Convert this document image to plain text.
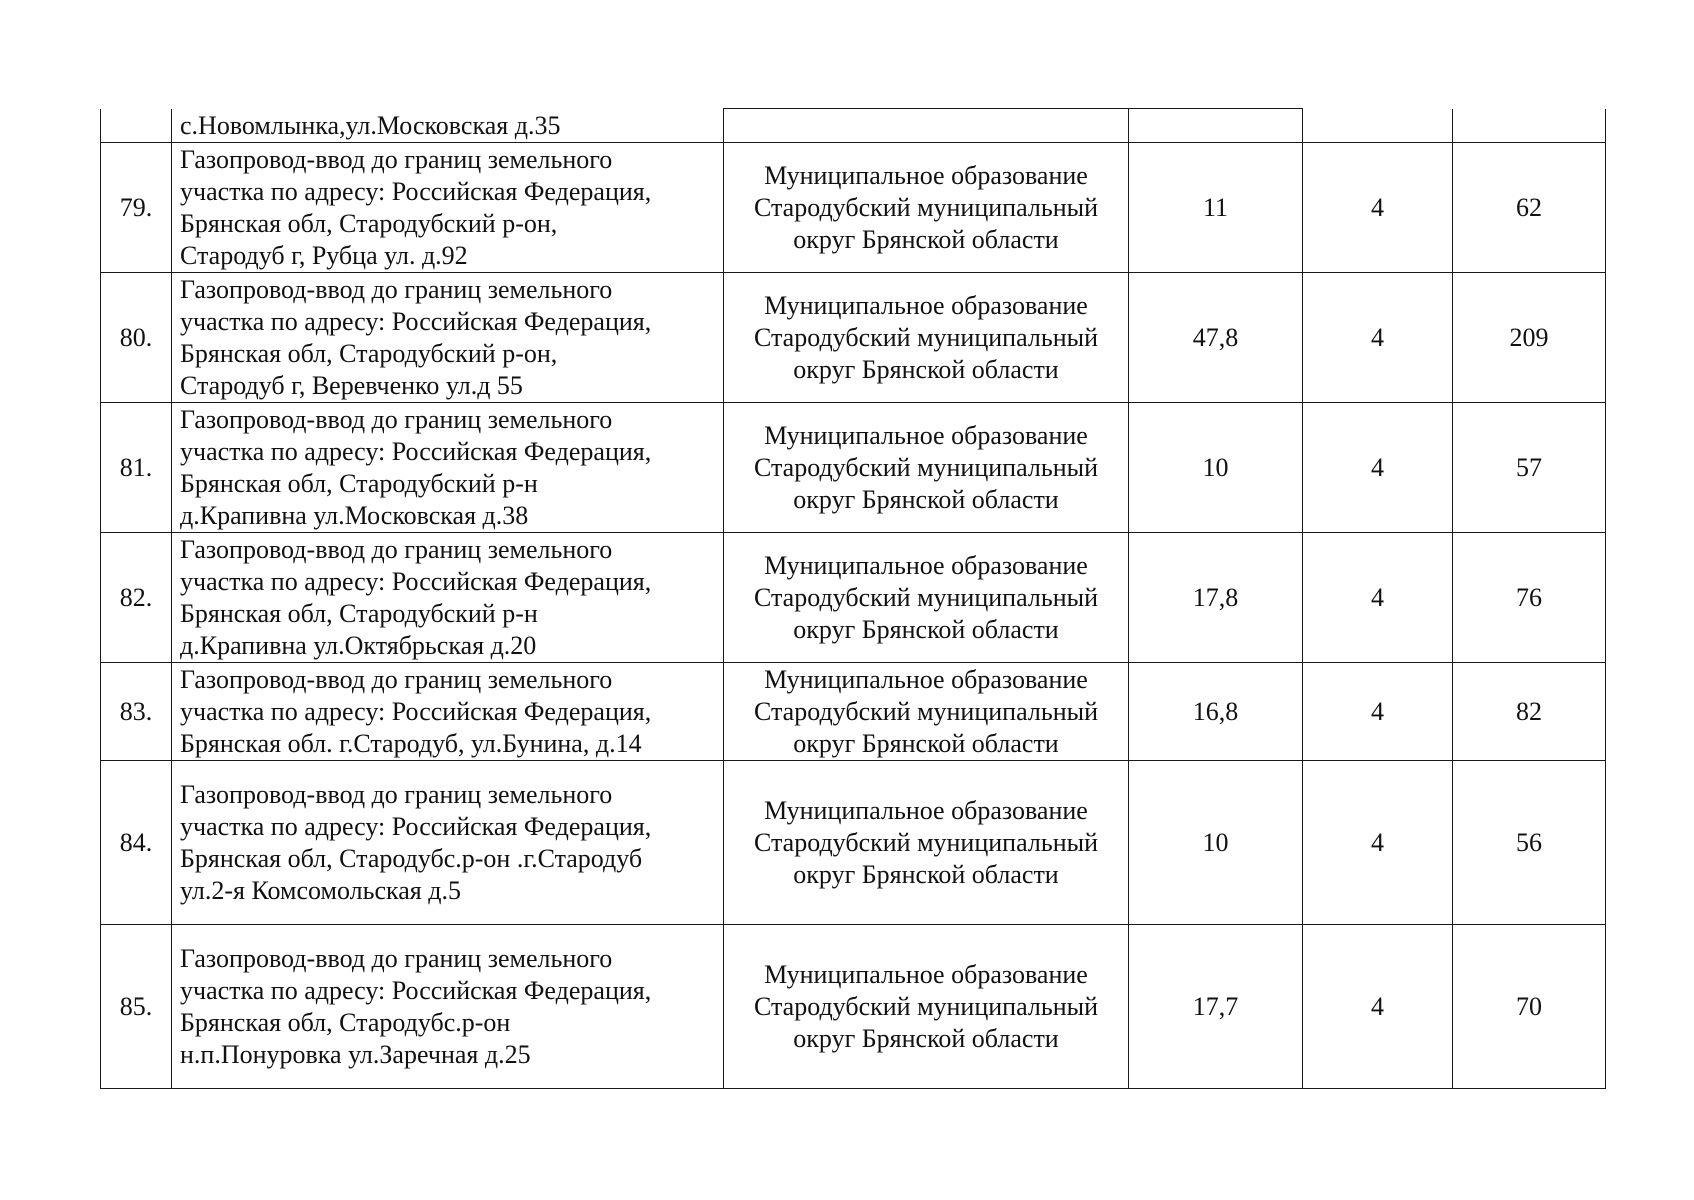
	с.Новомлынка,ул.Московская д.35				

79.	Газопровод-ввод до границ земельного
участка по адресу: Российская Федерация,
Брянская обл, Стародубский р-он,
Стародуб г, Рубца ул. д.92	Муниципальное образование
Стародубский муниципальный
округ Брянской области	11	4	62
80.	Газопровод-ввод до границ земельного
участка по адресу: Российская Федерация,
Брянская обл, Стародубский р-он,
Стародуб г, Веревченко ул.д 55	Муниципальное образование
Стародубский муниципальный
округ Брянской области	47,8	4	209
81.	Газопровод-ввод до границ земельного
участка по адресу: Российская Федерация,
Брянская обл, Стародубский р-н
д.Крапивна ул.Московская д.38	Муниципальное образование
Стародубский муниципальный
округ Брянской области	10	4	57
82.	Газопровод-ввод до границ земельного
участка по адресу: Российская Федерация,
Брянская обл, Стародубский р-н
д.Крапивна ул.Октябрьская д.20	Муниципальное образование
Стародубский муниципальный
округ Брянской области	17,8	4	76
83.	Газопровод-ввод до границ земельного
участка по адресу: Российская Федерация,
Брянская обл. г.Стародуб, ул.Бунина, д.14	Муниципальное образование
Стародубский муниципальный
округ Брянской области	16,8	4	82
84.	Газопровод-ввод до границ земельного
участка по адресу: Российская Федерация,
Брянская обл, Стародубс.р-он .г.Стародуб
ул.2-я Комсомольская д.5	Муниципальное образование
Стародубский муниципальный
округ Брянской области	10	4	56
85.	Газопровод-ввод до границ земельного
участка по адресу: Российская Федерация,
Брянская обл, Стародубс.р-он
н.п.Понуровка ул.Заречная д.25	Муниципальное образование
Стародубский муниципальный
округ Брянской области	17,7	4	70
